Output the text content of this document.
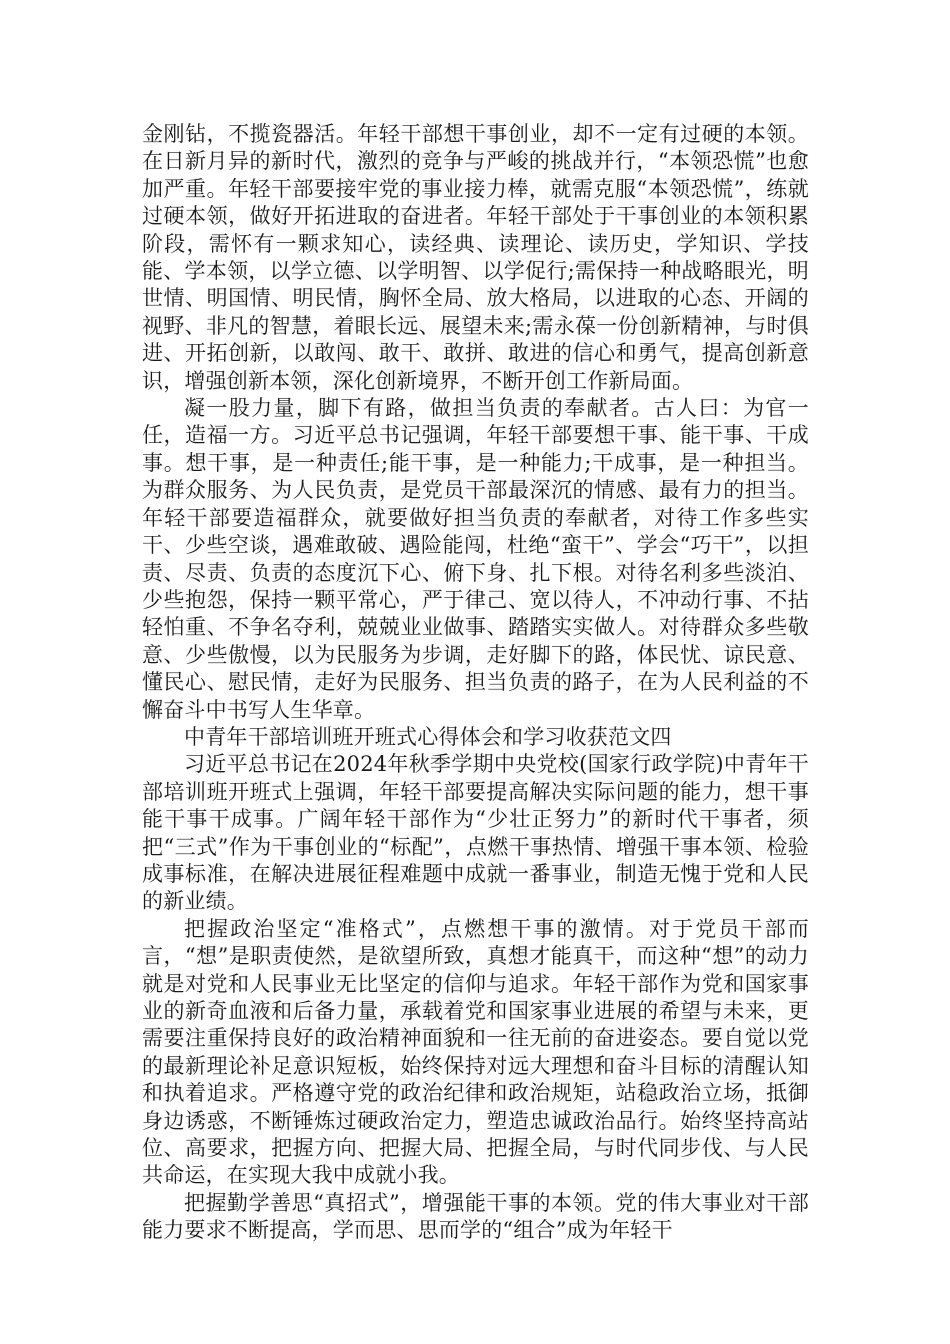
金刚钻，不揽瓷器活。年轻干部想干事创业，却不一定有过硬的本领。在日新月异的新时代，激烈的竞争与严峻的挑战并行，“本领恐慌”也愈加严重。年轻干部要接牢党的事业接力棒，就需克服“本领恐慌”，练就过硬本领，做好开拓进取的奋进者。年轻干部处于干事创业的本领积累阶段，需怀有一颗求知心，读经典、读理论、读历史，学知识、学技能、学本领，以学立德、以学明智、以学促行;需保持一种战略眼光，明世情、明国情、明民情，胸怀全局、放大格局，以进取的心态、开阔的视野、非凡的智慧，着眼长远、展望未来;需永葆一份创新精神，与时俱进、开拓创新，以敢闯、敢干、敢拼、敢进的信心和勇气，提高创新意识，增强创新本领，深化创新境界，不断开创工作新局面。

凝一股力量，脚下有路，做担当负责的奉献者。古人曰：为官一任，造福一方。习近平总书记强调，年轻干部要想干事、能干事、干成事。想干事，是一种责任;能干事，是一种能力;干成事，是一种担当。为群众服务、为人民负责，是党员干部最深沉的情感、最有力的担当。年轻干部要造福群众，就要做好担当负责的奉献者，对待工作多些实干、少些空谈，遇难敢破、遇险能闯，杜绝“蛮干”、学会“巧干”，以担责、尽责、负责的态度沉下心、俯下身、扎下根。对待名利多些淡泊、少些抱怨，保持一颗平常心，严于律己、宽以待人，不冲动行事、不拈轻怕重、不争名夺利，兢兢业业做事、踏踏实实做人。对待群众多些敬意、少些傲慢，以为民服务为步调，走好脚下的路，体民忧、谅民意、懂民心、慰民情，走好为民服务、担当负责的路子，在为人民利益的不懈奋斗中书写人生华章。

中青年干部培训班开班式心得体会和学习收获范文四

习近平总书记在2024年秋季学期中央党校(国家行政学院)中青年干部培训班开班式上强调，年轻干部要提高解决实际问题的能力，想干事能干事干成事。广阔年轻干部作为“少壮正努力”的新时代干事者，须把“三式”作为干事创业的“标配”，点燃干事热情、增强干事本领、检验成事标准，在解决进展征程难题中成就一番事业，制造无愧于党和人民的新业绩。

把握政治坚定“准格式”，点燃想干事的激情。对于党员干部而言，“想”是职责使然，是欲望所致，真想才能真干，而这种“想”的动力就是对党和人民事业无比坚定的信仰与追求。年轻干部作为党和国家事业的新奇血液和后备力量，承载着党和国家事业进展的希望与未来，更需要注重保持良好的政治精神面貌和一往无前的奋进姿态。要自觉以党的最新理论补足意识短板，始终保持对远大理想和奋斗目标的清醒认知和执着追求。严格遵守党的政治纪律和政治规矩，站稳政治立场，抵御身边诱惑，不断锤炼过硬政治定力，塑造忠诚政治品行。始终坚持高站位、高要求，把握方向、把握大局、把握全局，与时代同步伐、与人民共命运，在实现大我中成就小我。

把握勤学善思“真招式”，增强能干事的本领。党的伟大事业对干部能力要求不断提高，学而思、思而学的“组合”成为年轻干
